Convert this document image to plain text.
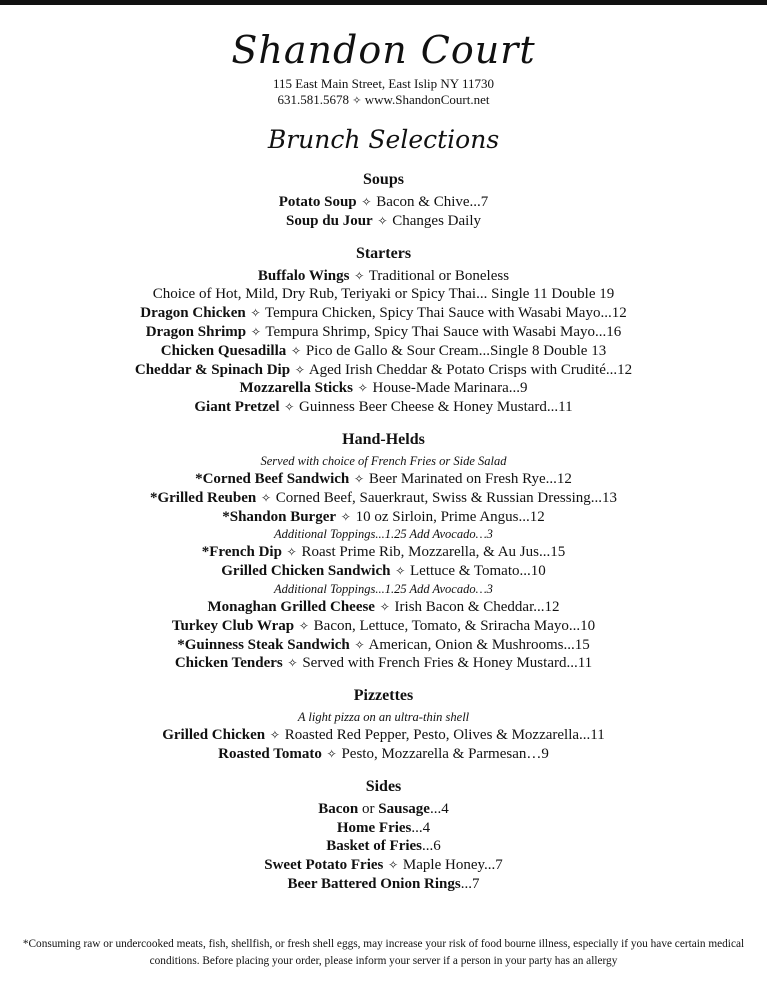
Shandon Court
115 East Main Street, East Islip NY 11730
631.581.5678 ✧ www.ShandonCourt.net
Brunch Selections
Soups
Potato Soup ✧ Bacon & Chive...7
Soup du Jour ✧ Changes Daily
Starters
Buffalo Wings ✧ Traditional or Boneless
Choice of Hot, Mild, Dry Rub, Teriyaki or Spicy Thai... Single 11 Double 19
Dragon Chicken ✧ Tempura Chicken, Spicy Thai Sauce with Wasabi Mayo...12
Dragon Shrimp ✧ Tempura Shrimp, Spicy Thai Sauce with Wasabi Mayo...16
Chicken Quesadilla ✧ Pico de Gallo & Sour Cream...Single 8 Double 13
Cheddar & Spinach Dip ✧ Aged Irish Cheddar & Potato Crisps with Crudité...12
Mozzarella Sticks ✧ House-Made Marinara...9
Giant Pretzel ✧ Guinness Beer Cheese & Honey Mustard...11
Hand-Helds
Served with choice of French Fries or Side Salad
*Corned Beef Sandwich ✧ Beer Marinated on Fresh Rye...12
*Grilled Reuben ✧ Corned Beef, Sauerkraut, Swiss & Russian Dressing...13
*Shandon Burger ✧ 10 oz Sirloin, Prime Angus...12
Additional Toppings...1.25 Add Avocado…3
*French Dip ✧ Roast Prime Rib, Mozzarella, & Au Jus...15
Grilled Chicken Sandwich ✧ Lettuce & Tomato...10
Additional Toppings...1.25 Add Avocado…3
Monaghan Grilled Cheese ✧ Irish Bacon & Cheddar...12
Turkey Club Wrap ✧ Bacon, Lettuce, Tomato, & Sriracha Mayo...10
*Guinness Steak Sandwich ✧ American, Onion & Mushrooms...15
Chicken Tenders ✧ Served with French Fries & Honey Mustard...11
Pizzettes
A light pizza on an ultra-thin shell
Grilled Chicken ✧ Roasted Red Pepper, Pesto, Olives & Mozzarella...11
Roasted Tomato ✧ Pesto, Mozzarella & Parmesan…9
Sides
Bacon or Sausage...4
Home Fries...4
Basket of Fries...6
Sweet Potato Fries ✧ Maple Honey...7
Beer Battered Onion Rings...7
*Consuming raw or undercooked meats, fish, shellfish, or fresh shell eggs, may increase your risk of food bourne illness, especially if you have certain medical
conditions. Before placing your order, please inform your server if a person in your party has an allergy
